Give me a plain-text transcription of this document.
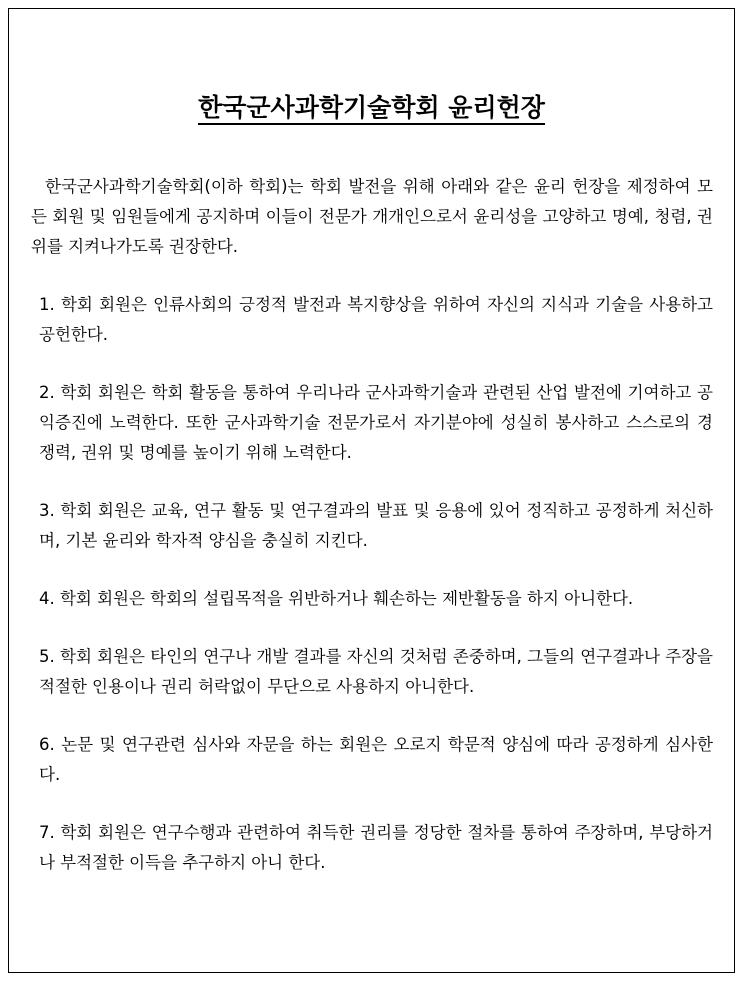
한국군사과학기술학회 윤리헌장

한국군사과학기술학회(이하 학회)는 학회 발전을 위해 아래와 같은 윤리 헌장을 제정하여 모든 회원 및 임원들에게 공지하며 이들이 전문가 개개인으로서 윤리성을 고양하고 명예, 청렴, 권위를 지켜나가도록 권장한다.

1. 학회 회원은 인류사회의 긍정적 발전과 복지향상을 위하여 자신의 지식과 기술을 사용하고 공헌한다.

2. 학회 회원은 학회 활동을 통하여 우리나라 군사과학기술과 관련된 산업 발전에 기여하고 공익증진에 노력한다. 또한 군사과학기술 전문가로서 자기분야에 성실히 봉사하고 스스로의 경쟁력, 권위 및 명예를 높이기 위해 노력한다.

3. 학회 회원은 교육, 연구 활동 및 연구결과의 발표 및 응용에 있어 정직하고 공정하게 처신하며, 기본 윤리와 학자적 양심을 충실히 지킨다.

4. 학회 회원은 학회의 설립목적을 위반하거나 훼손하는 제반활동을 하지 아니한다.

5. 학회 회원은 타인의 연구나 개발 결과를 자신의 것처럼 존중하며, 그들의 연구결과나 주장을 적절한 인용이나 권리 허락없이 무단으로 사용하지 아니한다.

6. 논문 및 연구관련 심사와 자문을 하는 회원은 오로지 학문적 양심에 따라 공정하게 심사한다.

7. 학회 회원은 연구수행과 관련하여 취득한 권리를 정당한 절차를 통하여 주장하며, 부당하거나 부적절한 이득을 추구하지 아니 한다.
